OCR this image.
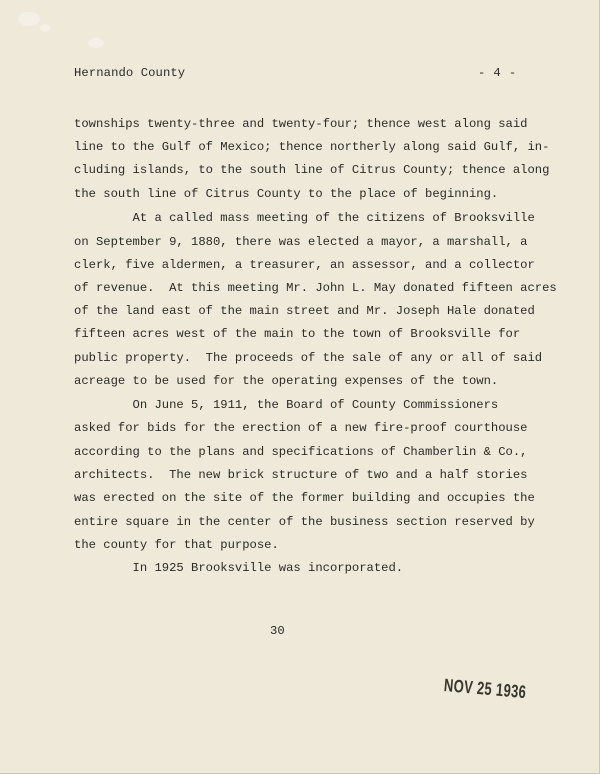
Hernando County	- 4 -
townships twenty-three and twenty-four; thence west along said
line to the Gulf of Mexico; thence northerly along said Gulf, in-
cluding islands, to the south line of Citrus County; thence along
the south line of Citrus County to the place of beginning.
At a called mass meeting of the citizens of Brooksville
on September 9, 1880, there was elected a mayor, a marshall, a
clerk, five aldermen, a treasurer, an assessor, and a collector
of revenue.  At this meeting Mr. John L. May donated fifteen acres
of the land east of the main street and Mr. Joseph Hale donated
fifteen acres west of the main to the town of Brooksville for
public property.  The proceeds of the sale of any or all of said
acreage to be used for the operating expenses of the town.
On June 5, 1911, the Board of County Commissioners
asked for bids for the erection of a new fire-proof courthouse
according to the plans and specifications of Chamberlin & Co.,
architects.  The new brick structure of two and a half stories
was erected on the site of the former building and occupies the
entire square in the center of the business section reserved by
the county for that purpose.
In 1925 Brooksville was incorporated.
30
NOV 25 1936
